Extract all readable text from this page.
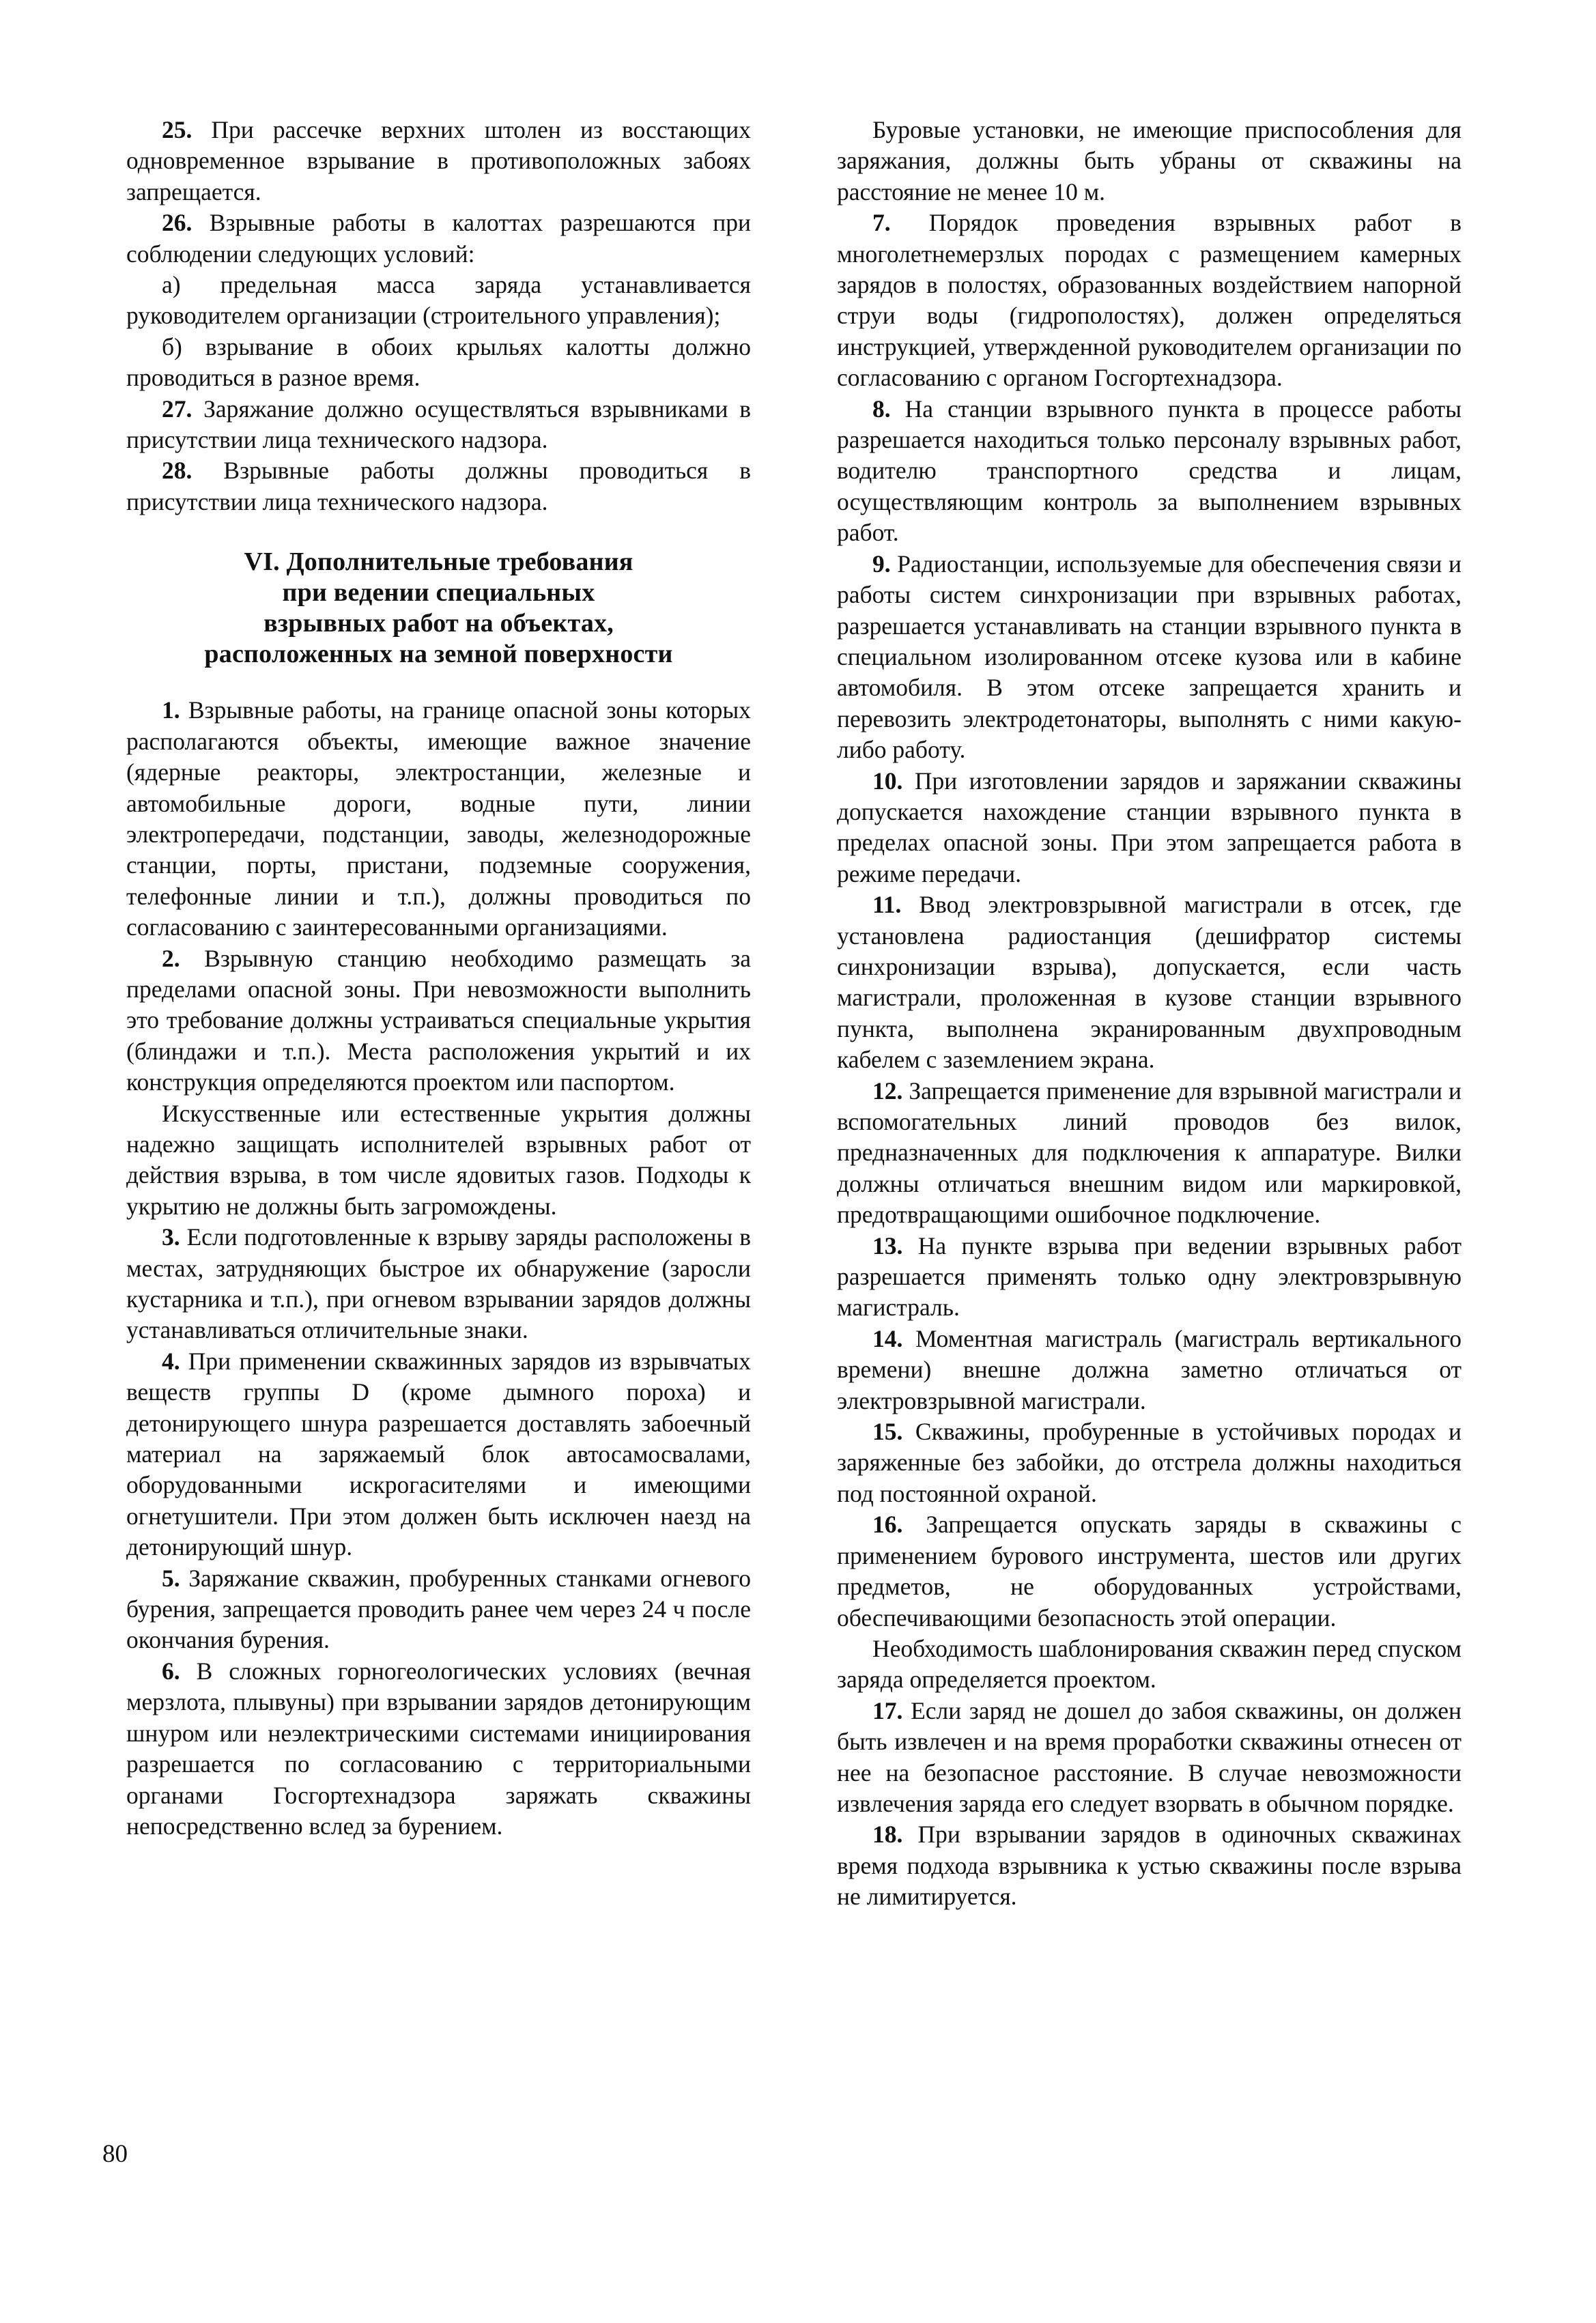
25. При рассечке верхних штолен из восстающих одновременное взрывание в противоположных забоях запрещается.

26. Взрывные работы в калоттах разрешаются при соблюдении следующих условий:

а) предельная масса заряда устанавливается руководителем организации (строительного управления);

б) взрывание в обоих крыльях калотты должно проводиться в разное время.

27. Заряжание должно осуществляться взрывниками в присутствии лица технического надзора.

28. Взрывные работы должны проводиться в присутствии лица технического надзора.

VI. Дополнительные требования
при ведении специальных
взрывных работ на объектах,
расположенных на земной поверхности

1. Взрывные работы, на границе опасной зоны которых располагаются объекты, имеющие важное значение (ядерные реакторы, электростанции, железные и автомобильные дороги, водные пути, линии электропередачи, подстанции, заводы, железнодорожные станции, порты, пристани, подземные сооружения, телефонные линии и т.п.), должны проводиться по согласованию с заинтересованными организациями.

2. Взрывную станцию необходимо размещать за пределами опасной зоны. При невозможности выполнить это требование должны устраиваться специальные укрытия (блиндажи и т.п.). Места расположения укрытий и их конструкция определяются проектом или паспортом.

Искусственные или естественные укрытия должны надежно защищать исполнителей взрывных работ от действия взрыва, в том числе ядовитых газов. Подходы к укрытию не должны быть загромождены.

3. Если подготовленные к взрыву заряды расположены в местах, затрудняющих быстрое их обнаружение (заросли кустарника и т.п.), при огневом взрывании зарядов должны устанавливаться отличительные знаки.

4. При применении скважинных зарядов из взрывчатых веществ группы D (кроме дымного пороха) и детонирующего шнура разрешается доставлять забоечный материал на заряжаемый блок автосамосвалами, оборудованными искрогасителями и имеющими огнетушители. При этом должен быть исключен наезд на детонирующий шнур.

5. Заряжание скважин, пробуренных станками огневого бурения, запрещается проводить ранее чем через 24 ч после окончания бурения.

6. В сложных горногеологических условиях (вечная мерзлота, плывуны) при взрывании зарядов детонирующим шнуром или неэлектрическими системами инициирования разрешается по согласованию с территориальными органами Госгортехнадзора заряжать скважины непосредственно вслед за бурением.

Буровые установки, не имеющие приспособления для заряжания, должны быть убраны от скважины на расстояние не менее 10 м.

7. Порядок проведения взрывных работ в многолетнемерзлых породах с размещением камерных зарядов в полостях, образованных воздействием напорной струи воды (гидрополостях), должен определяться инструкцией, утвержденной руководителем организации по согласованию с органом Госгортехнадзора.

8. На станции взрывного пункта в процессе работы разрешается находиться только персоналу взрывных работ, водителю транспортного средства и лицам, осуществляющим контроль за выполнением взрывных работ.

9. Радиостанции, используемые для обеспечения связи и работы систем синхронизации при взрывных работах, разрешается устанавливать на станции взрывного пункта в специальном изолированном отсеке кузова или в кабине автомобиля. В этом отсеке запрещается хранить и перевозить электродетонаторы, выполнять с ними какую-либо работу.

10. При изготовлении зарядов и заряжании скважины допускается нахождение станции взрывного пункта в пределах опасной зоны. При этом запрещается работа в режиме передачи.

11. Ввод электровзрывной магистрали в отсек, где установлена радиостанция (дешифратор системы синхронизации взрыва), допускается, если часть магистрали, проложенная в кузове станции взрывного пункта, выполнена экранированным двухпроводным кабелем с заземлением экрана.

12. Запрещается применение для взрывной магистрали и вспомогательных линий проводов без вилок, предназначенных для подключения к аппаратуре. Вилки должны отличаться внешним видом или маркировкой, предотвращающими ошибочное подключение.

13. На пункте взрыва при ведении взрывных работ разрешается применять только одну электровзрывную магистраль.

14. Моментная магистраль (магистраль вертикального времени) внешне должна заметно отличаться от электровзрывной магистрали.

15. Скважины, пробуренные в устойчивых породах и заряженные без забойки, до отстрела должны находиться под постоянной охраной.

16. Запрещается опускать заряды в скважины с применением бурового инструмента, шестов или других предметов, не оборудованных устройствами, обеспечивающими безопасность этой операции.

Необходимость шаблонирования скважин перед спуском заряда определяется проектом.

17. Если заряд не дошел до забоя скважины, он должен быть извлечен и на время проработки скважины отнесен от нее на безопасное расстояние. В случае невозможности извлечения заряда его следует взорвать в обычном порядке.

18. При взрывании зарядов в одиночных скважинах время подхода взрывника к устью скважины после взрыва не лимитируется.

80
